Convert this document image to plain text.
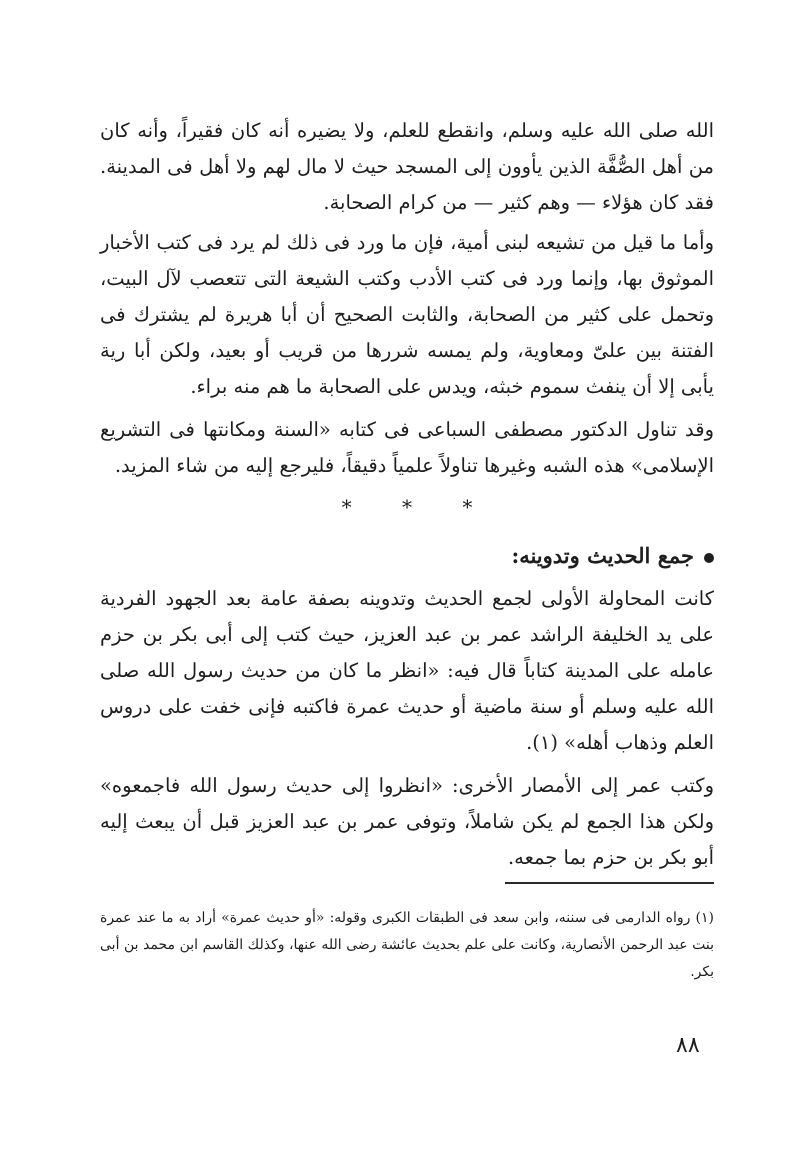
الله صلى الله عليه وسلم، وانقطع للعلم، ولا يضيره أنه كان فقيراً، وأنه كان من أهل الصُّفَّة الذين يأوون إلى المسجد حيث لا مال لهم ولا أهل فى المدينة. فقد كان هؤلاء — وهم كثير — من كرام الصحابة.

وأما ما قيل من تشيعه لبنى أمية، فإن ما ورد فى ذلك لم يرد فى كتب الأخبار الموثوق بها، وإنما ورد فى كتب الأدب وكتب الشيعة التى تتعصب لآل البيت، وتحمل على كثير من الصحابة، والثابت الصحيح أن أبا هريرة لم يشترك فى الفتنة بين علىّ ومعاوية، ولم يمسه شررها من قريب أو بعيد، ولكن أبا رية يأبى إلا أن ينفث سموم خبثه، ويدس على الصحابة ما هم منه براء.

وقد تناول الدكتور مصطفى السباعى فى كتابه «السنة ومكانتها فى التشريع الإسلامى» هذه الشبه وغيرها تناولاً علمياً دقيقاً، فليرجع إليه من شاء المزيد.

*	*	*
جمع الحديث وتدوينه:

كانت المحاولة الأولى لجمع الحديث وتدوينه بصفة عامة بعد الجهود الفردية على يد الخليفة الراشد عمر بن عبد العزيز، حيث كتب إلى أبى بكر بن حزم عامله على المدينة كتاباً قال فيه: «انظر ما كان من حديث رسول الله صلى الله عليه وسلم أو سنة ماضية أو حديث عمرة فاكتبه فإنى خفت على دروس العلم وذهاب أهله» (١).

وكتب عمر إلى الأمصار الأخرى: «انظروا إلى حديث رسول الله فاجمعوه» ولكن هذا الجمع لم يكن شاملاً، وتوفى عمر بن عبد العزيز قبل أن يبعث إليه أبو بكر بن حزم بما جمعه.

(١) رواه الدارمى فى سننه، وابن سعد فى الطبقات الكبرى وقوله: «أو حديث عمرة» أراد به ما عند عمرة بنت عبد الرحمن الأنصارية، وكانت على علم بحديث عائشة رضى الله عنها، وكذلك القاسم ابن محمد بن أبى بكر.

٨٨
